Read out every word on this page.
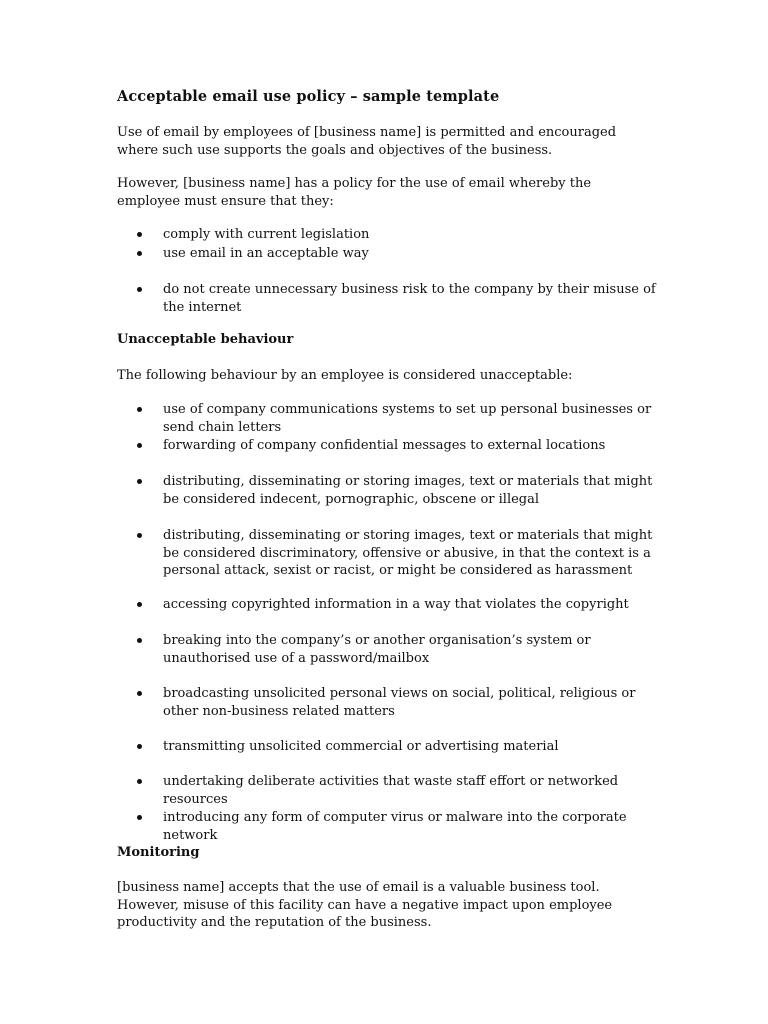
Acceptable email use policy – sample template
Use of email by employees of [business name] is permitted and encouraged where such use supports the goals and objectives of the business.
However, [business name] has a policy for the use of email whereby the employee must ensure that they:
comply with current legislation
use email in an acceptable way
do not create unnecessary business risk to the company by their misuse of the internet
Unacceptable behaviour
The following behaviour by an employee is considered unacceptable:
use of company communications systems to set up personal businesses or send chain letters
forwarding of company confidential messages to external locations
distributing, disseminating or storing images, text or materials that might be considered indecent, pornographic, obscene or illegal
distributing, disseminating or storing images, text or materials that might be considered discriminatory, offensive or abusive, in that the context is a personal attack, sexist or racist, or might be considered as harassment
accessing copyrighted information in a way that violates the copyright
breaking into the company’s or another organisation’s system or unauthorised use of a password/mailbox
broadcasting unsolicited personal views on social, political, religious or other non-business related matters
transmitting unsolicited commercial or advertising material
undertaking deliberate activities that waste staff effort or networked resources
introducing any form of computer virus or malware into the corporate network
Monitoring
[business name] accepts that the use of email is a valuable business tool. However, misuse of this facility can have a negative impact upon employee productivity and the reputation of the business.
